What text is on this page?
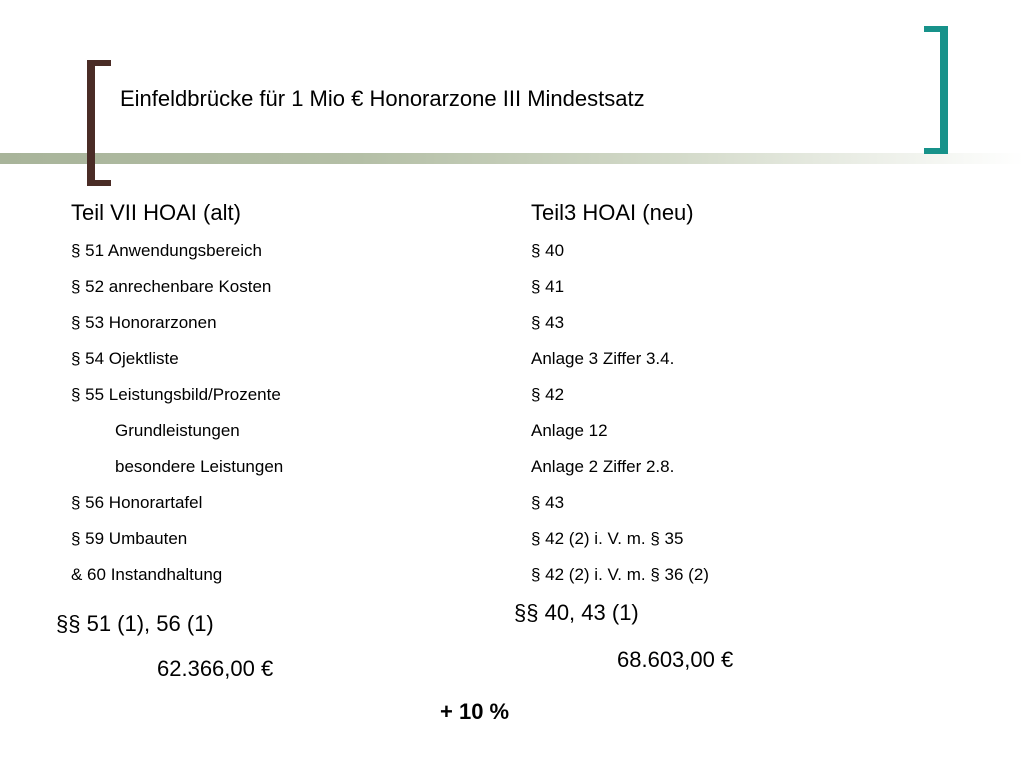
Einfeldbrücke für 1 Mio € Honorarzone III Mindestsatz
Teil VII HOAI (alt)
§ 51 Anwendungsbereich
§ 52 anrechenbare Kosten
§ 53 Honorarzonen
§ 54 Ojektliste
§ 55 Leistungsbild/Prozente
Grundleistungen
besondere Leistungen
§ 56 Honorartafel
§ 59 Umbauten
& 60 Instandhaltung
Teil3 HOAI (neu)
§ 40
§ 41
§ 43
Anlage 3 Ziffer 3.4.
§ 42
Anlage 12
Anlage 2 Ziffer 2.8.
§ 43
§ 42 (2) i. V. m. § 35
§ 42 (2) i. V. m. § 36 (2)
§§ 51 (1), 56 (1)
62.366,00 €
§§ 40, 43 (1)
68.603,00 €
+ 10 %
